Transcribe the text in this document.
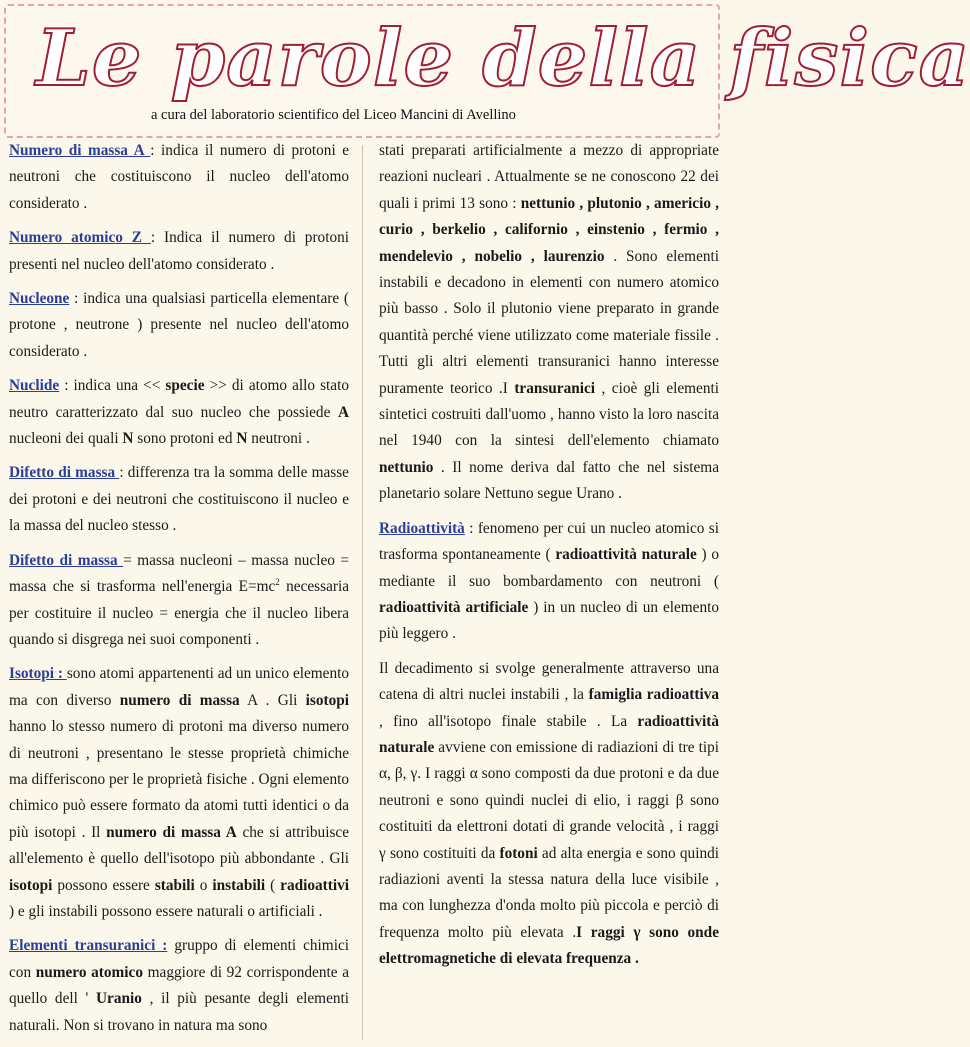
Le parole della fisica
a cura del laboratorio scientifico del Liceo Mancini di Avellino

Numero di massa A : indica il numero di protoni e neutroni che costituiscono il nucleo dell'atomo considerato .

Numero atomico Z : Indica il numero di protoni presenti nel nucleo dell'atomo considerato .

Nucleone : indica una qualsiasi particella elementare ( protone , neutrone ) presente nel nucleo dell'atomo considerato .

Nuclide : indica una << specie >> di atomo allo stato neutro caratterizzato dal suo nucleo che possiede A nucleoni dei quali N sono protoni ed N neutroni .

Difetto di massa : differenza tra la somma delle masse dei protoni e dei neutroni che costituiscono il nucleo e la massa del nucleo stesso .

Difetto di massa = massa nucleoni – massa nucleo = massa che si trasforma nell'energia $E=mc^2$ necessaria per costituire il nucleo = energia che il nucleo libera quando si disgrega nei suoi componenti .

Isotopi : sono atomi appartenenti ad un unico elemento ma con diverso numero di massa A . Gli isotopi hanno lo stesso numero di protoni ma diverso numero di neutroni , presentano le stesse proprietà chimiche ma differiscono per le proprietà fisiche . Ogni elemento chimico può essere formato da atomi tutti identici o da più isotopi . Il numero di massa A che si attribuisce all'elemento è quello dell'isotopo più abbondante . Gli isotopi possono essere stabili o instabili ( radioattivi ) e gli instabili possono essere naturali o artificiali .

Elementi transuranici : gruppo di elementi chimici con numero atomico maggiore di 92 corrispondente a quello dell ' Uranio , il più pesante degli elementi naturali. Non si trovano in natura ma sono

stati preparati artificialmente a mezzo di appropriate reazioni nucleari . Attualmente se ne conoscono 22 dei quali i primi 13 sono : nettunio , plutonio , americio , curio , berkelio , californio , einstenio , fermio , mendelevio , nobelio , laurenzio . Sono elementi instabili e decadono in elementi con numero atomico più basso . Solo il plutonio viene preparato in grande quantità perché viene utilizzato come materiale fissile . Tutti gli altri elementi transuranici hanno interesse puramente teorico .I transuranici , cioè gli elementi sintetici costruiti dall'uomo , hanno visto la loro nascita nel 1940 con la sintesi dell'elemento chiamato nettunio . Il nome deriva dal fatto che nel sistema planetario solare Nettuno segue Urano .

Radioattività : fenomeno per cui un nucleo atomico si trasforma spontaneamente ( radioattività naturale ) o mediante il suo bombardamento con neutroni ( radioattività artificiale ) in un nucleo di un elemento più leggero .

Il decadimento si svolge generalmente attraverso una catena di altri nuclei instabili , la famiglia radioattiva , fino all'isotopo finale stabile . La radioattività naturale avviene con emissione di radiazioni di tre tipi α, β, γ. I raggi α sono composti da due protoni e da due neutroni e sono quindi nuclei di elio, i raggi β sono costituiti da elettroni dotati di grande velocità , i raggi γ sono costituiti da fotoni ad alta energia e sono quindi radiazioni aventi la stessa natura della luce visibile , ma con lunghezza d'onda molto più piccola e perciò di frequenza molto più elevata .I raggi γ sono onde elettromagnetiche di elevata frequenza .
